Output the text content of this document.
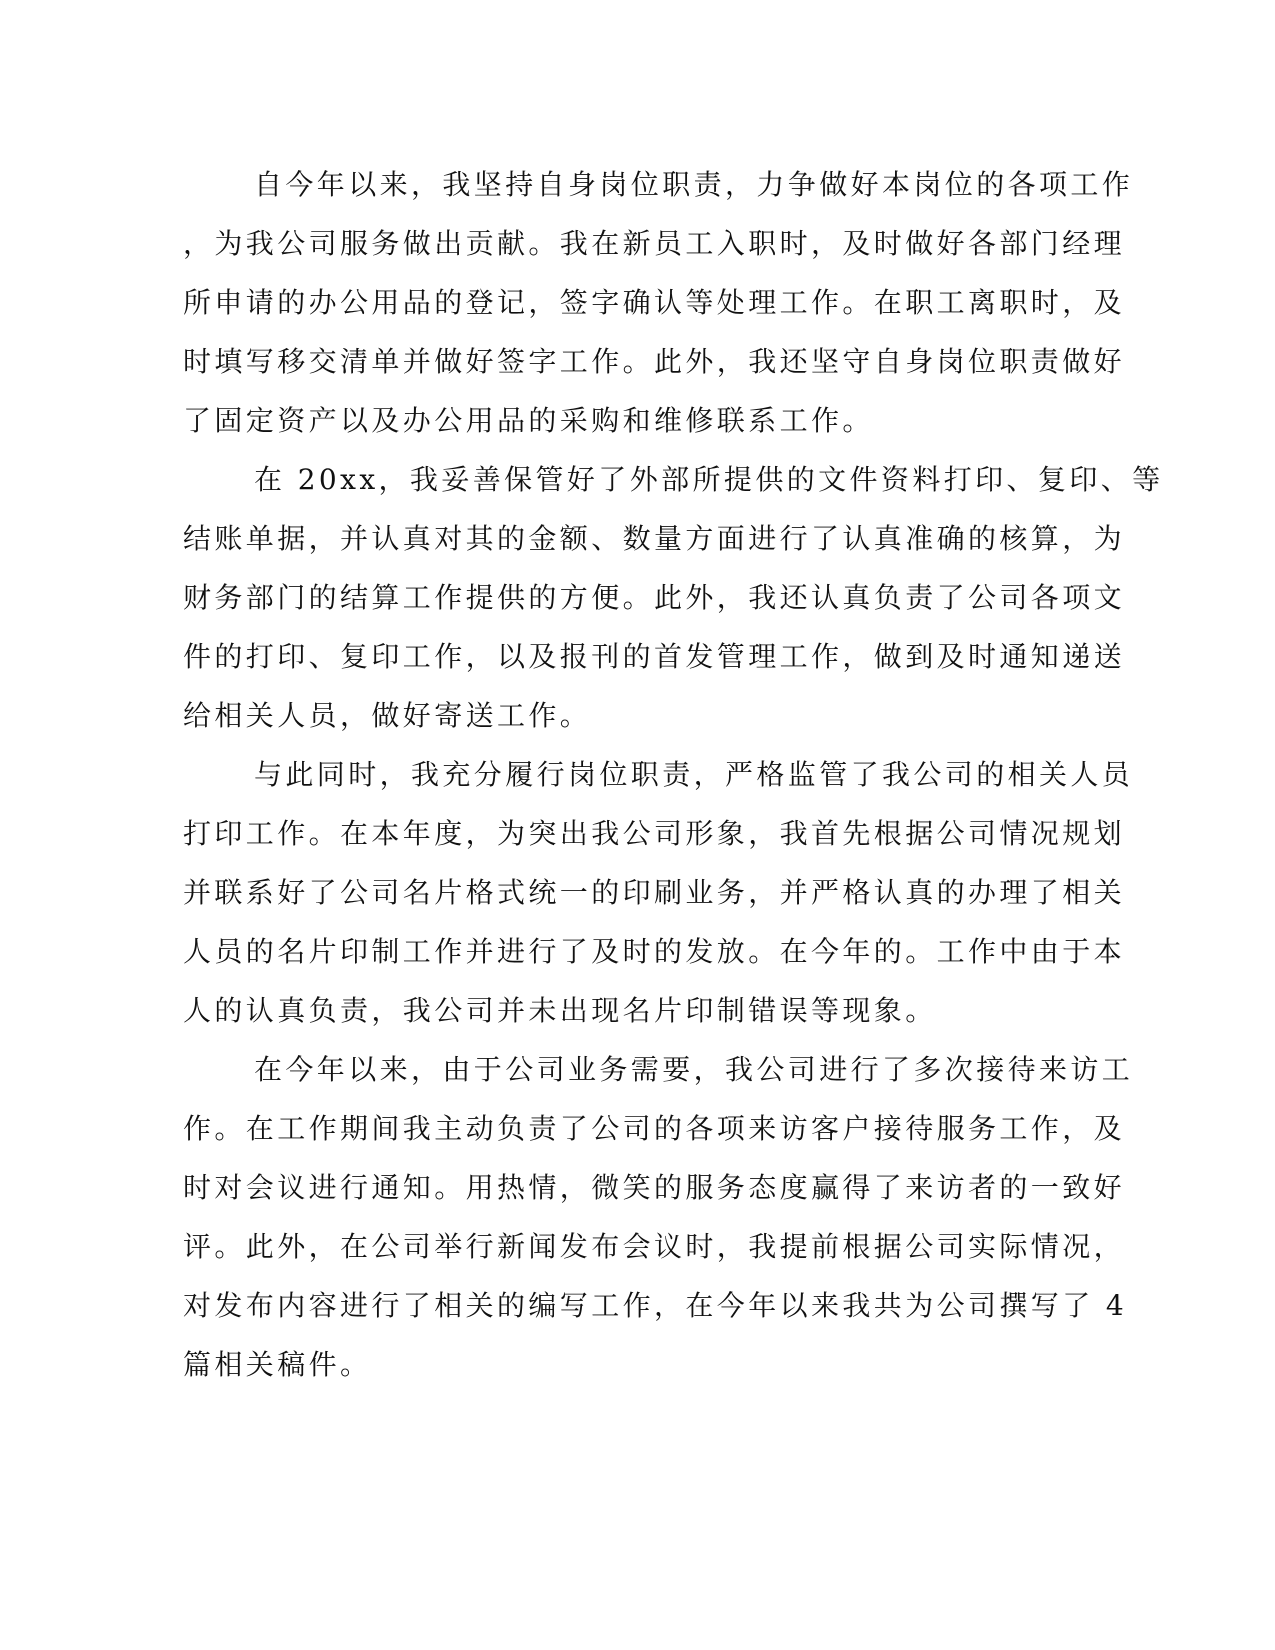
自今年以来，我坚持自身岗位职责，力争做好本岗位的各项工作
，为我公司服务做出贡献。我在新员工入职时，及时做好各部门经理
所申请的办公用品的登记，签字确认等处理工作。在职工离职时，及
时填写移交清单并做好签字工作。此外，我还坚守自身岗位职责做好
了固定资产以及办公用品的采购和维修联系工作。

在 20xx，我妥善保管好了外部所提供的文件资料打印、复印、等
结账单据，并认真对其的金额、数量方面进行了认真准确的核算，为
财务部门的结算工作提供的方便。此外，我还认真负责了公司各项文
件的打印、复印工作，以及报刊的首发管理工作，做到及时通知递送
给相关人员，做好寄送工作。

与此同时，我充分履行岗位职责，严格监管了我公司的相关人员
打印工作。在本年度，为突出我公司形象，我首先根据公司情况规划
并联系好了公司名片格式统一的印刷业务，并严格认真的办理了相关
人员的名片印制工作并进行了及时的发放。在今年的。工作中由于本
人的认真负责，我公司并未出现名片印制错误等现象。

在今年以来，由于公司业务需要，我公司进行了多次接待来访工
作。在工作期间我主动负责了公司的各项来访客户接待服务工作，及
时对会议进行通知。用热情，微笑的服务态度赢得了来访者的一致好
评。此外，在公司举行新闻发布会议时，我提前根据公司实际情况，
对发布内容进行了相关的编写工作，在今年以来我共为公司撰写了 4
篇相关稿件。
